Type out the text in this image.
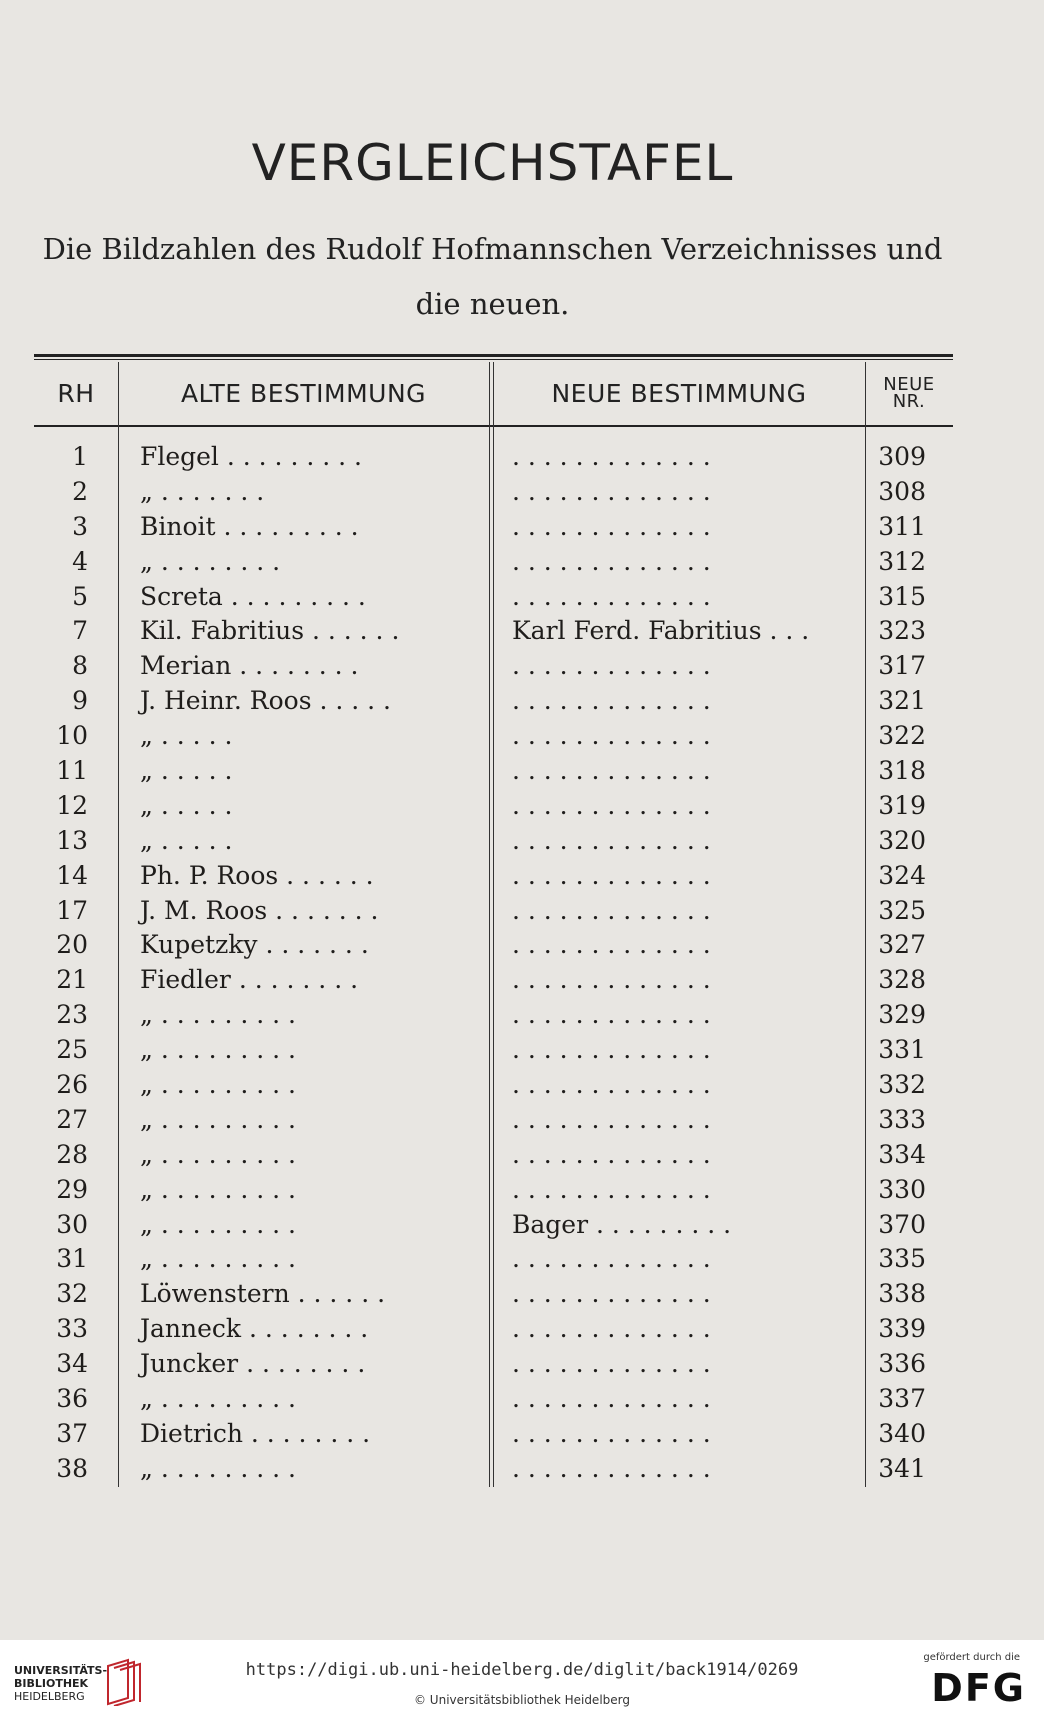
VERGLEICHSTAFEL
Die Bildzahlen des Rudolf Hofmannschen Verzeichnisses und
die neuen.
RH	ALTE BESTIMMUNG	NEUE BESTIMMUNG	NEUE
NR.
1 Flegel . . . . . . . . .	. . . . . . . . . . . . .	309
2 „ . . . . . . .	. . . . . . . . . . . . .	308
3 Binoit . . . . . . . . .	. . . . . . . . . . . . .	311
4 „ . . . . . . . .	. . . . . . . . . . . . .	312
5 Screta . . . . . . . . .	. . . . . . . . . . . . .	315
7 Kil. Fabritius . . . . . .	Karl Ferd. Fabritius . . .	323
8 Merian . . . . . . . .	. . . . . . . . . . . . .	317
9 J. Heinr. Roos . . . . .	. . . . . . . . . . . . .	321
10 „ . . . . .	. . . . . . . . . . . . .	322
11 „ . . . . .	. . . . . . . . . . . . .	318
12 „ . . . . .	. . . . . . . . . . . . .	319
13 „ . . . . .	. . . . . . . . . . . . .	320
14 Ph. P. Roos . . . . . .	. . . . . . . . . . . . .	324
17 J. M. Roos . . . . . . .	. . . . . . . . . . . . .	325
20 Kupetzky . . . . . . .	. . . . . . . . . . . . .	327
21 Fiedler . . . . . . . .	. . . . . . . . . . . . .	328
23 „ . . . . . . . . .	. . . . . . . . . . . . .	329
25 „ . . . . . . . . .	. . . . . . . . . . . . .	331
26 „ . . . . . . . . .	. . . . . . . . . . . . .	332
27 „ . . . . . . . . .	. . . . . . . . . . . . .	333
28 „ . . . . . . . . .	. . . . . . . . . . . . .	334
29 „ . . . . . . . . .	. . . . . . . . . . . . .	330
30 „ . . . . . . . . .	Bager . . . . . . . . .	370
31 „ . . . . . . . . .	. . . . . . . . . . . . .	335
32 Löwenstern . . . . . .	. . . . . . . . . . . . .	338
33 Janneck . . . . . . . .	. . . . . . . . . . . . .	339
34 Juncker . . . . . . . .	. . . . . . . . . . . . .	336
36 „ . . . . . . . . .	. . . . . . . . . . . . .	337
37 Dietrich . . . . . . . .	. . . . . . . . . . . . .	340
38 „ . . . . . . . . .	. . . . . . . . . . . . .	341
UNIVERSITÄTS-
BIBLIOTHEK
HEIDELBERG
https://digi.ub.uni-heidelberg.de/diglit/back1914/0269
© Universitätsbibliothek Heidelberg
gefördert durch die
DFG
